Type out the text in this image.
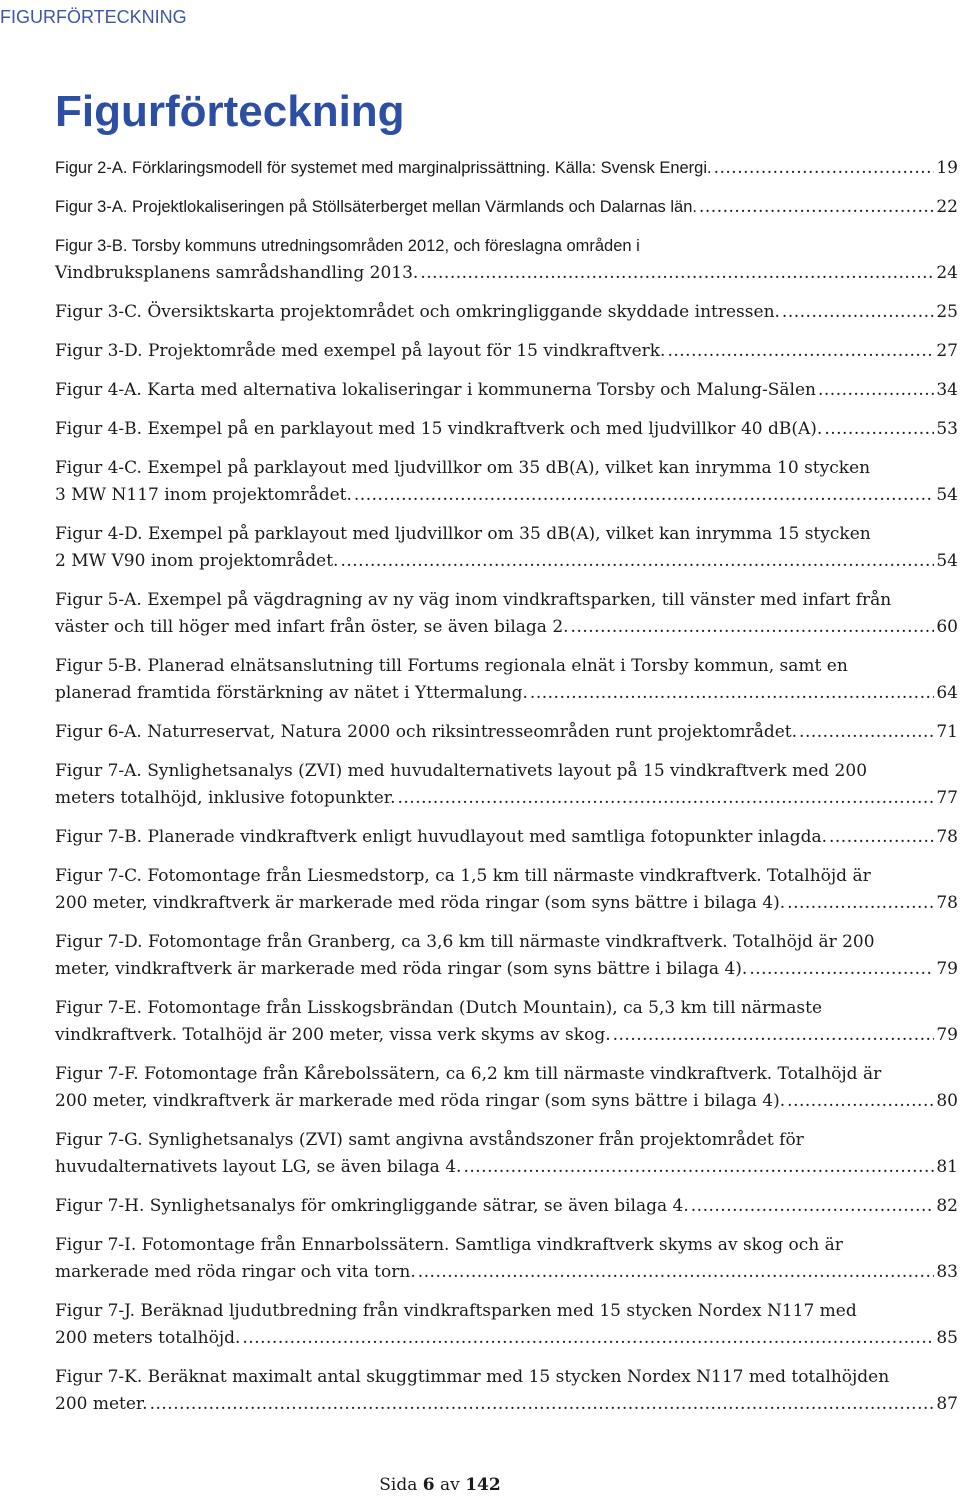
FIGURFÖRTECKNING
Figurförteckning
Figur 2-A. Förklaringsmodell för systemet med marginalprissättning. Källa: Svensk Energi. .....	19
Figur 3-A. Projektlokaliseringen på Stöllsäterberget mellan Värmlands och Dalarnas län. .....	22
Figur 3-B. Torsby kommuns utredningsområden 2012, och föreslagna områden i
Vindbruksplanens samrådshandling 2013. .....	24
Figur 3-C. Översiktskarta projektområdet och omkringliggande skyddade intressen. .....	25
Figur 3-D. Projektområde med exempel på layout för 15 vindkraftverk. .....	27
Figur 4-A. Karta med alternativa lokaliseringar i kommunerna Torsby och Malung-Sälen .....	34
Figur 4-B. Exempel på en parklayout med 15 vindkraftverk och med ljudvillkor 40 dB(A). .....	53
Figur 4-C. Exempel på parklayout med ljudvillkor om 35 dB(A), vilket kan inrymma 10 stycken
3 MW N117 inom projektområdet. .....	54
Figur 4-D. Exempel på parklayout med ljudvillkor om 35 dB(A), vilket kan inrymma 15 stycken
2 MW V90 inom projektområdet. .....	54
Figur 5-A. Exempel på vägdragning av ny väg inom vindkraftsparken, till vänster med infart från
väster och till höger med infart från öster, se även bilaga 2. .....	60
Figur 5-B. Planerad elnätsanslutning till Fortums regionala elnät i Torsby kommun, samt en
planerad framtida förstärkning av nätet i Yttermalung. .....	64
Figur 6-A. Naturreservat, Natura 2000 och riksintresseområden runt projektområdet. .....	71
Figur 7-A. Synlighetsanalys (ZVI) med huvudalternativets layout på 15 vindkraftverk med 200
meters totalhöjd, inklusive fotopunkter. .....	77
Figur 7-B. Planerade vindkraftverk enligt huvudlayout med samtliga fotopunkter inlagda. .....	78
Figur 7-C. Fotomontage från Liesmedstorp, ca 1,5 km till närmaste vindkraftverk. Totalhöjd är
200 meter, vindkraftverk är markerade med röda ringar (som syns bättre i bilaga 4). .....	78
Figur 7-D. Fotomontage från Granberg, ca 3,6 km till närmaste vindkraftverk. Totalhöjd är 200
meter, vindkraftverk är markerade med röda ringar (som syns bättre i bilaga 4). .....	79
Figur 7-E. Fotomontage från Lisskogsbrändan (Dutch Mountain), ca 5,3 km till närmaste
vindkraftverk. Totalhöjd är 200 meter, vissa verk skyms av skog. .....	79
Figur 7-F. Fotomontage från Kårebolssätern, ca 6,2 km till närmaste vindkraftverk. Totalhöjd är
200 meter, vindkraftverk är markerade med röda ringar (som syns bättre i bilaga 4). .....	80
Figur 7-G. Synlighetsanalys (ZVI) samt angivna avståndszoner från projektområdet för
huvudalternativets layout LG, se även bilaga 4. .....	81
Figur 7-H. Synlighetsanalys för omkringliggande sätrar, se även bilaga 4. .....	82
Figur 7-I. Fotomontage från Ennarbolssätern. Samtliga vindkraftverk skyms av skog och är
markerade med röda ringar och vita torn. .....	83
Figur 7-J. Beräknad ljudutbredning från vindkraftsparken med 15 stycken Nordex N117 med
200 meters totalhöjd. .....	85
Figur 7-K. Beräknat maximalt antal skuggtimmar med 15 stycken Nordex N117 med totalhöjden
200 meter. .....	87
Sida 6 av 142
